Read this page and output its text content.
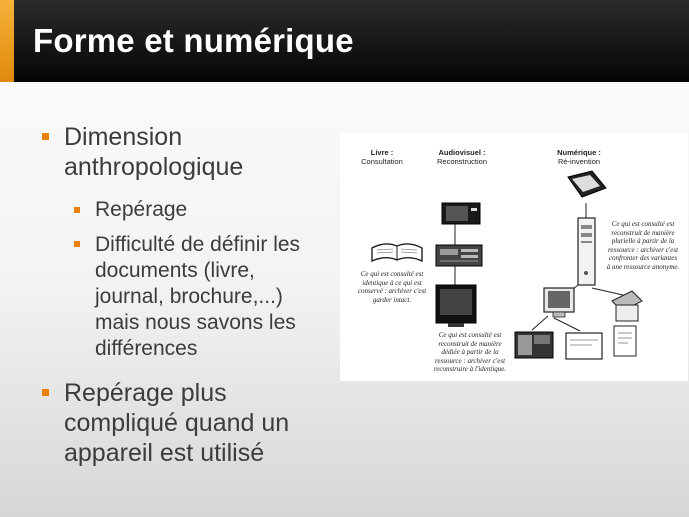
Forme et numérique
Dimension
anthropologique
Repérage
Difficulté de définir les
documents (livre,
journal, brochure,...)
mais nous savons les
différences
Repérage plus
compliqué quand un
appareil est utilisé
Livre :
Consultation
Audiovisuel :
Reconstruction
Numérique :
Ré-invention
Ce qui est consulté est
identique à ce qui est
conservé : archiver c'est
garder intact.
Ce qui est consulté est
reconstruit de manière
dédiée à partir de la
ressource : archiver c'est
reconstruire à l'identique.
Ce qui est consulté est
reconstruit de manière
plurielle à partir de la
ressource : archiver c'est
confronter des variantes
à une ressource anonyme.
